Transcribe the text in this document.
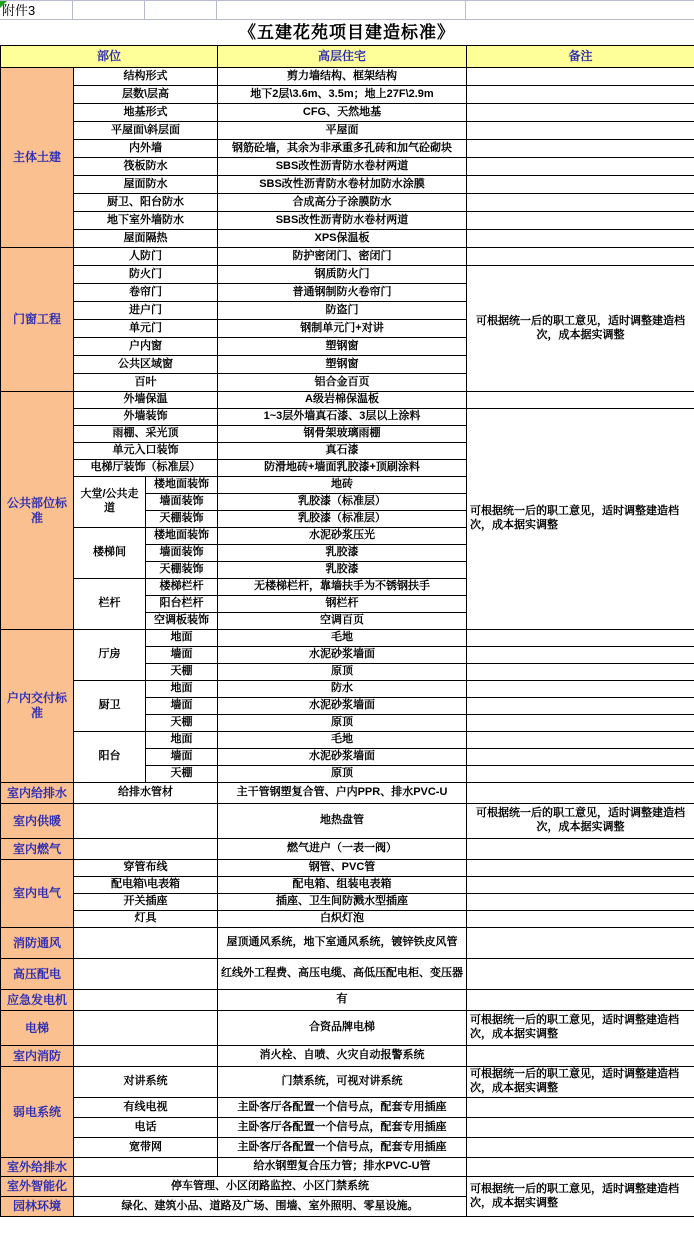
附件3
《五建花苑项目建造标准》
部位			高层住宅	备注
主体土建	结构形式		剪力墙结构、框架结构	
	层数\层高		地下2层\3.6m、3.5m；地上27F\2.9m	
	地基形式		CFG、天然地基	
	平屋面\斜层面		平屋面	
	内外墙		钢筋砼墙，其余为非承重多孔砖和加气砼砌块	
	筏板防水		SBS改性沥青防水卷材两道	
	屋面防水		SBS改性沥青防水卷材加防水涂膜	
	厨卫、阳台防水		合成高分子涂膜防水	
	地下室外墙防水		SBS改性沥青防水卷材两道	
	屋面隔热		XPS保温板	
门窗工程	人防门		防护密闭门、密闭门	
	防火门		钢质防火门	可根据统一后的职工意见，适时调整建造档次，成本据实调整
	卷帘门		普通钢制防火卷帘门	
	进户门		防盗门	
	单元门		钢制单元门+对讲	
	户内窗		塑钢窗	
	公共区域窗		塑钢窗	
	百叶		铝合金百页	
公共部位标准	外墙保温		A级岩棉保温板	
	外墙装饰		1~3层外墙真石漆、3层以上涂料	可根据统一后的职工意见，适时调整建造档次，成本据实调整
	雨棚、采光顶		钢骨架玻璃雨棚	
	单元入口装饰		真石漆	
	电梯厅装饰（标准层）		防滑地砖+墙面乳胶漆+顶刷涂料	
	大堂/公共走道	楼地面装饰	地砖	
		墙面装饰	乳胶漆（标准层）	
		天棚装饰	乳胶漆（标准层）	
	楼梯间	楼地面装饰	水泥砂浆压光	
		墙面装饰	乳胶漆	
		天棚装饰	乳胶漆	
	栏杆	楼梯栏杆	无楼梯栏杆，靠墙扶手为不锈钢扶手	
		阳台栏杆	钢栏杆	
		空调板装饰	空调百页	
户内交付标准	厅房	地面	毛地	
		墙面	水泥砂浆墙面	
		天棚	原顶	
	厨卫	地面	防水	
		墙面	水泥砂浆墙面	
		天棚	原顶	
	阳台	地面	毛地	
		墙面	水泥砂浆墙面	
		天棚	原顶	
室内给排水	给排水管材		主干管钢塑复合管、户内PPR、排水PVC-U	
室内供暖			地热盘管	可根据统一后的职工意见，适时调整建造档次，成本据实调整
室内燃气			燃气进户（一表一阀）	
室内电气	穿管布线		钢管、PVC管	
	配电箱\电表箱		配电箱、组装电表箱	
	开关插座		插座、卫生间防溅水型插座	
	灯具		白炽灯泡	
消防通风			屋顶通风系统，地下室通风系统，镀锌铁皮风管	
高压配电			红线外工程费、高压电缆、高低压配电柜、变压器	
应急发电机			有	
电梯			合资品牌电梯	可根据统一后的职工意见，适时调整建造档次，成本据实调整
室内消防			消火栓、自喷、火灾自动报警系统	
弱电系统	对讲系统		门禁系统，可视对讲系统	可根据统一后的职工意见，适时调整建造档次，成本据实调整
	有线电视		主卧客厅各配置一个信号点，配套专用插座	
	电话		主卧客厅各配置一个信号点，配套专用插座	
	宽带网		主卧客厅各配置一个信号点，配套专用插座	
室外给排水			给水钢塑复合压力管；排水PVC-U管	
室外智能化	停车管理、小区闭路监控、小区门禁系统			可根据统一后的职工意见，适时调整建造档次，成本据实调整
园林环境	绿化、建筑小品、道路及广场、围墙、室外照明、零星设施。			
